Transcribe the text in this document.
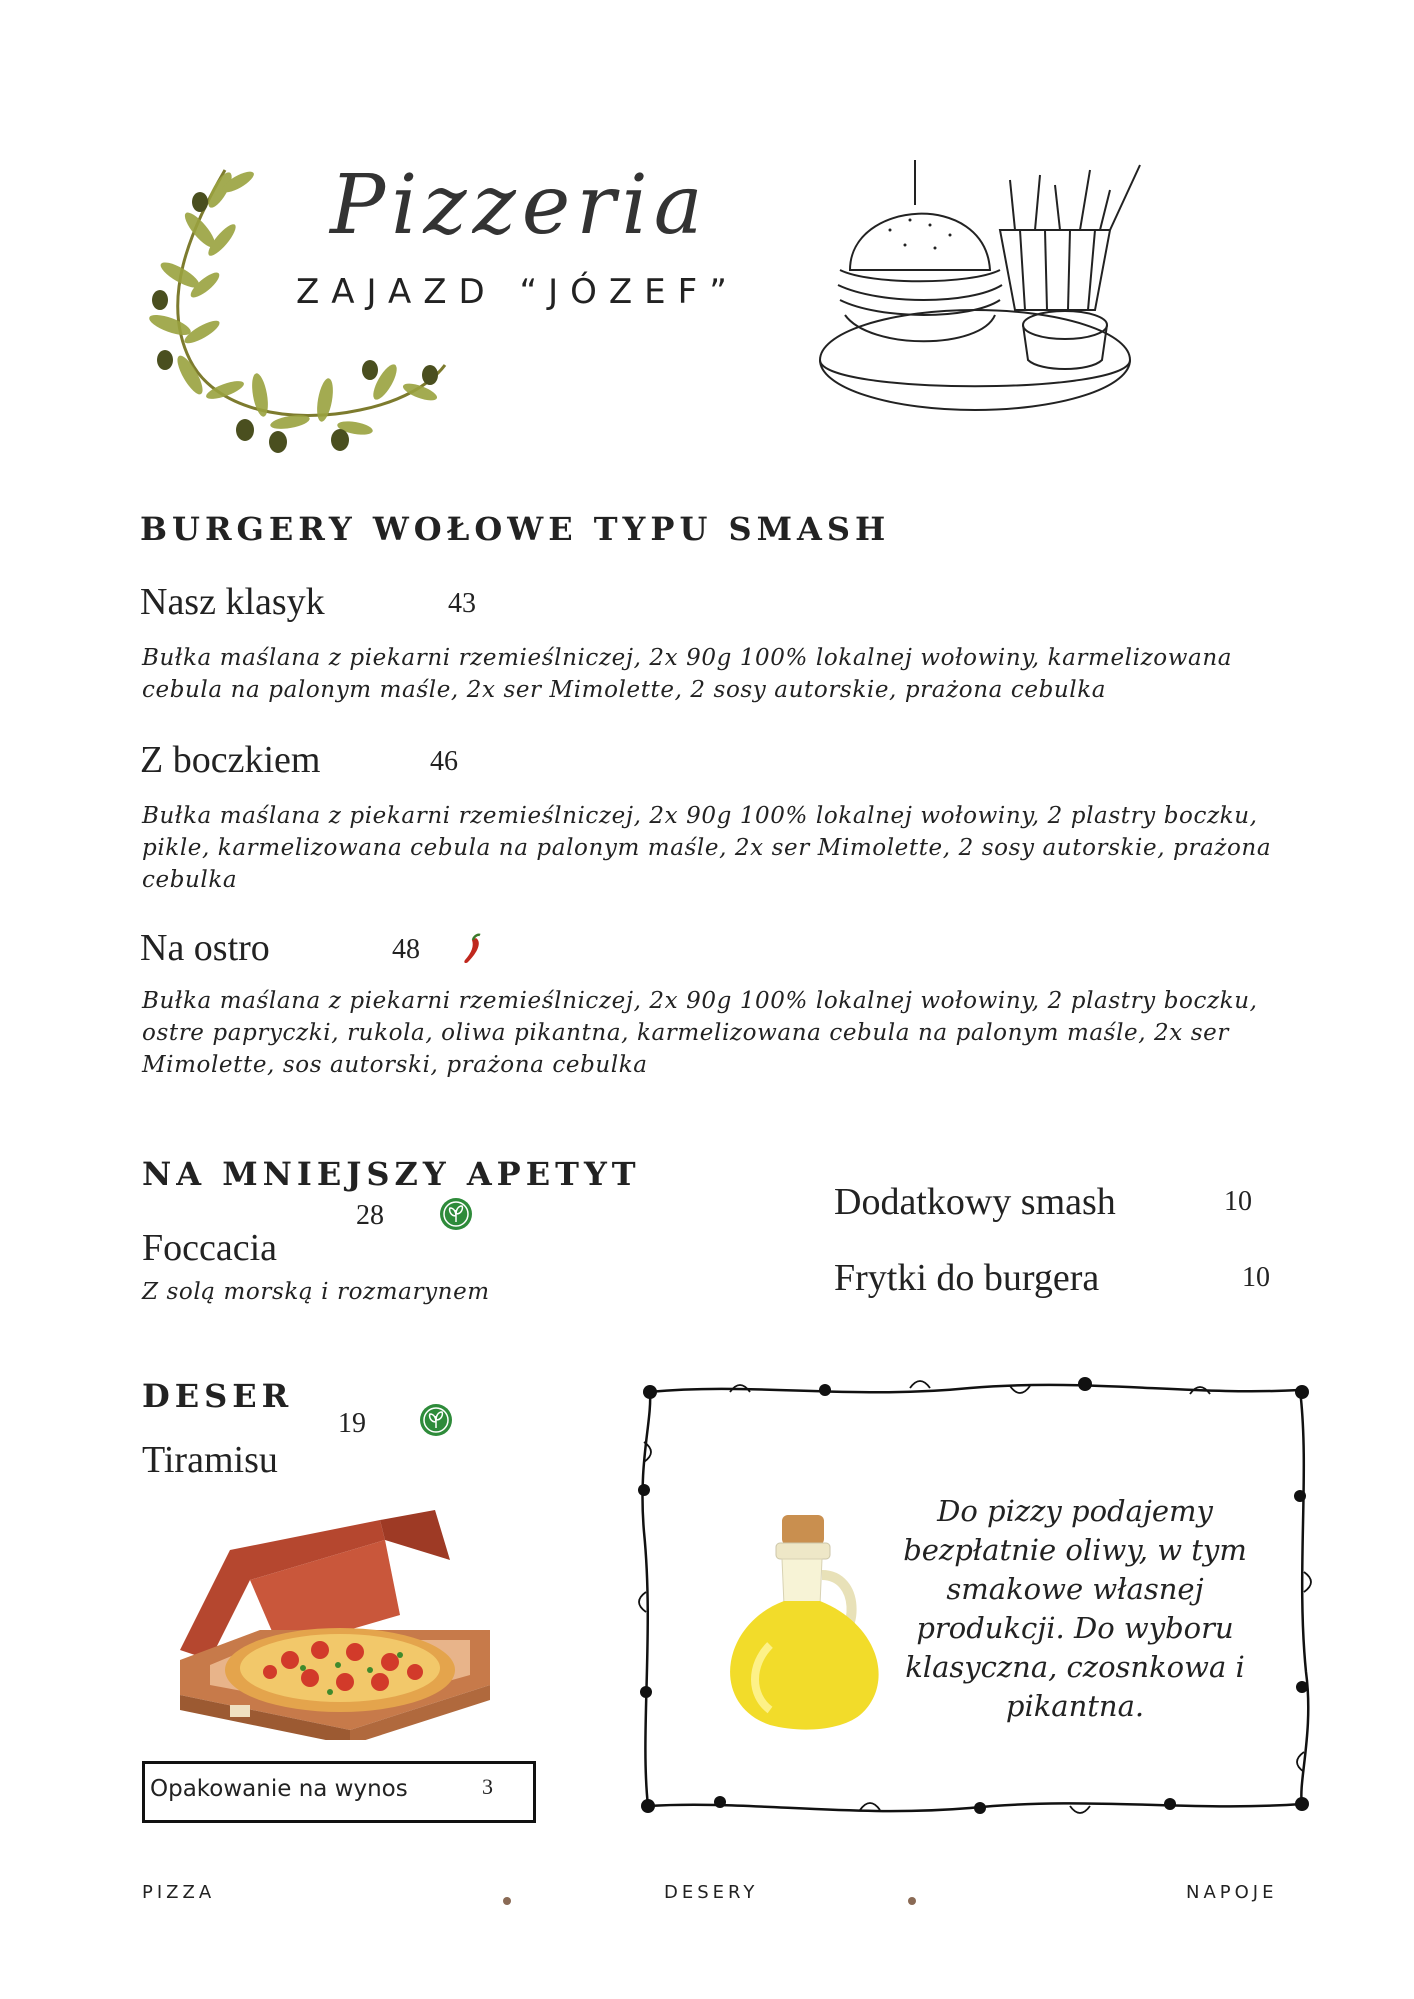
Pizzeria
ZAJAZD “JÓZEF”
BURGERY WOŁOWE TYPU SMASH
Nasz klasyk	43
Bułka maślana z piekarni rzemieślniczej, 2x 90g 100% lokalnej wołowiny, karmelizowana
cebula na palonym maśle, 2x ser Mimolette, 2 sosy autorskie, prażona cebulka
Z boczkiem	46
Bułka maślana z piekarni rzemieślniczej, 2x 90g 100% lokalnej wołowiny, 2 plastry boczku,
pikle, karmelizowana cebula na palonym maśle, 2x ser Mimolette, 2 sosy autorskie, prażona
cebulka
Na ostro	48
Bułka maślana z piekarni rzemieślniczej, 2x 90g 100% lokalnej wołowiny, 2 plastry boczku,
ostre papryczki, rukola, oliwa pikantna, karmelizowana cebula na palonym maśle, 2x ser
Mimolette, sos autorski, prażona cebulka
NA MNIEJSZY APETYT
28
Foccacia
Z solą morską i rozmarynem
Dodatkowy smash	10
Frytki do burgera	10
DESER
19
Tiramisu
Opakowanie na wynos	3
Do pizzy podajemy
bezpłatnie oliwy, w tym
smakowe własnej
produkcji. Do wyboru
klasyczna, czosnkowa i
pikantna.
PIZZA	DESERY	NAPOJE
